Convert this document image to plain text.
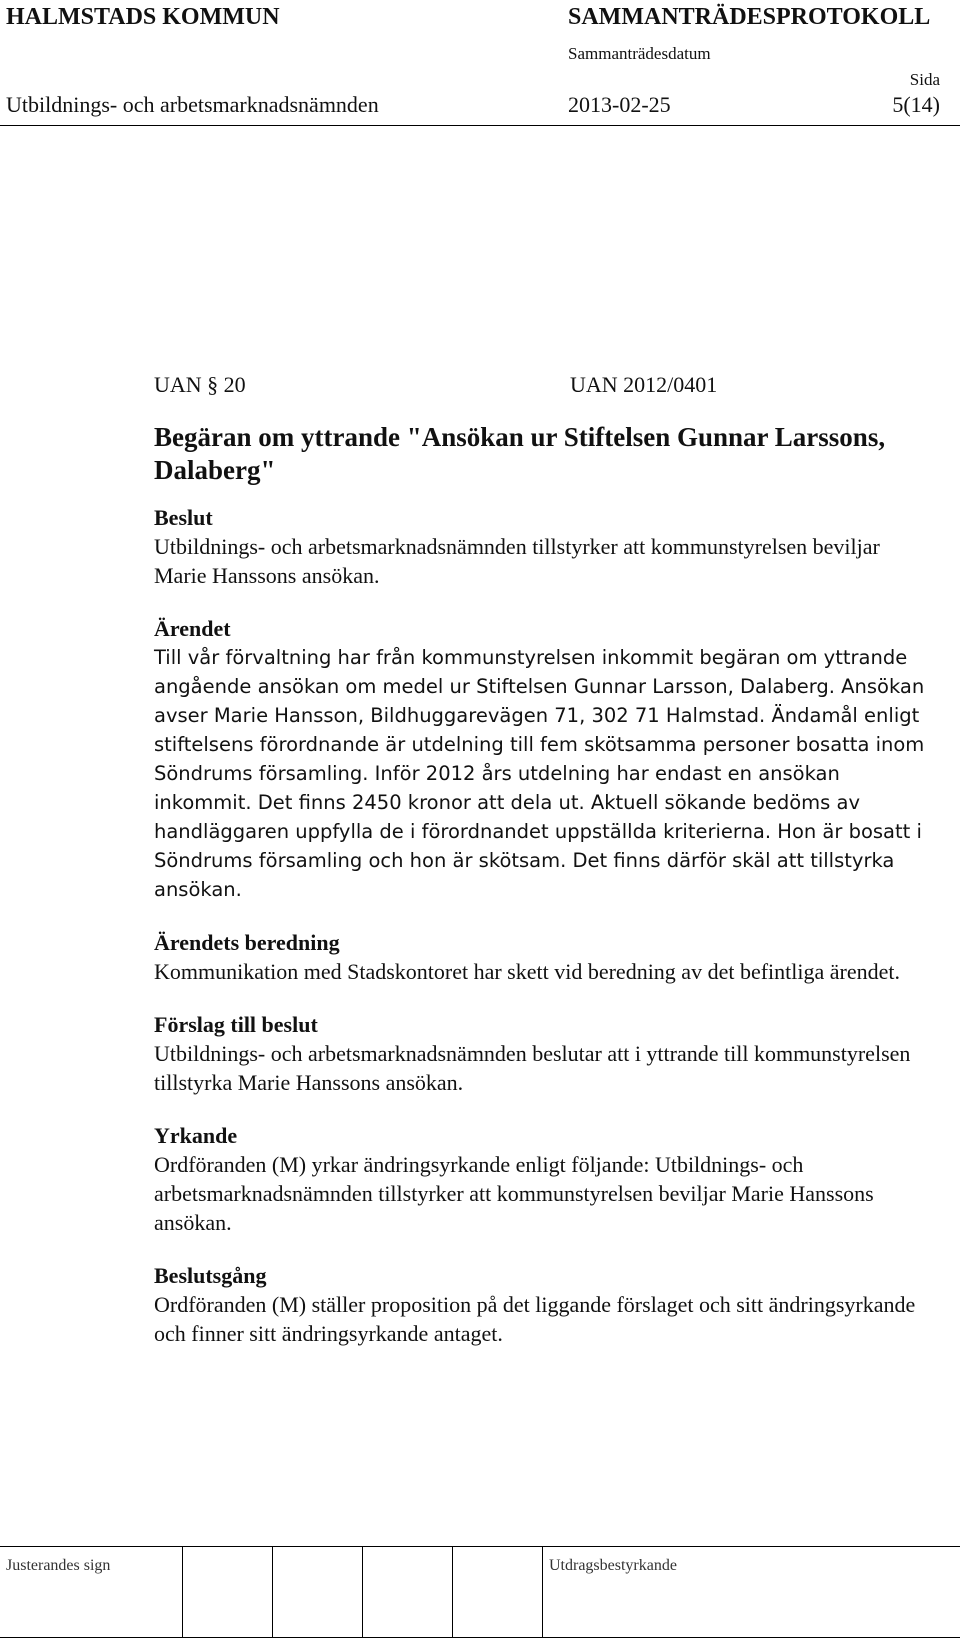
HALMSTADS KOMMUN	SAMMANTRÄDESPROTOKOLL
Sammanträdesdatum
Sida
Utbildnings- och arbetsmarknadsnämnden	2013-02-25	5(14)
UAN § 20	UAN 2012/0401
Begäran om yttrande "Ansökan ur Stiftelsen Gunnar Larssons, Dalaberg"

Beslut

Utbildnings- och arbetsmarknadsnämnden tillstyrker att kommunstyrelsen beviljar Marie Hanssons ansökan.

Ärendet

Till vår förvaltning har från kommunstyrelsen inkommit begäran om yttrande angående ansökan om medel ur Stiftelsen Gunnar Larsson, Dalaberg. Ansökan avser Marie Hansson, Bildhuggarevägen 71, 302 71 Halmstad. Ändamål enligt stiftelsens förordnande är utdelning till fem skötsamma personer bosatta inom Söndrums församling. Inför 2012 års utdelning har endast en ansökan inkommit. Det finns 2450 kronor att dela ut. Aktuell sökande bedöms av handläggaren uppfylla de i förordnandet uppställda kriterierna. Hon är bosatt i Söndrums församling och hon är skötsam. Det finns därför skäl att tillstyrka ansökan.

Ärendets beredning

Kommunikation med Stadskontoret har skett vid beredning av det befintliga ärendet.

Förslag till beslut

Utbildnings- och arbetsmarknadsnämnden beslutar att i yttrande till kommunstyrelsen tillstyrka Marie Hanssons ansökan.

Yrkande

Ordföranden (M) yrkar ändringsyrkande enligt följande: Utbildnings- och arbetsmarknadsnämnden tillstyrker att kommunstyrelsen beviljar Marie Hanssons ansökan.

Beslutsgång

Ordföranden (M) ställer proposition på det liggande förslaget och sitt ändringsyrkande och finner sitt ändringsyrkande antaget.

Justerandes sign	Utdragsbestyrkande
